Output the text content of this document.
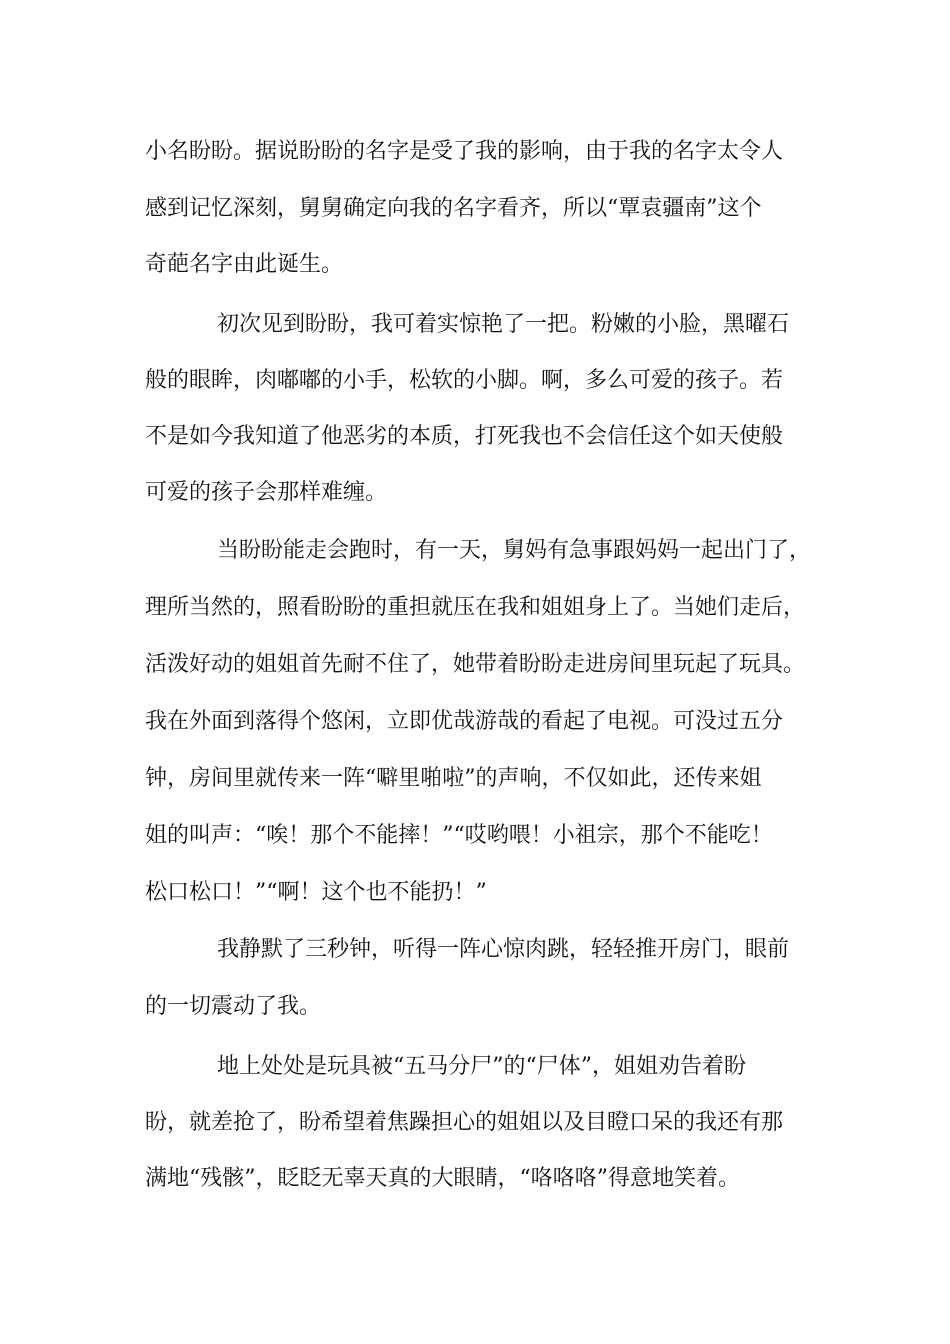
小名盼盼。据说盼盼的名字是受了我的影响，由于我的名字太令人
感到记忆深刻，舅舅确定向我的名字看齐，所以“覃袁疆南”这个
奇葩名字由此诞生。
初次见到盼盼，我可着实惊艳了一把。粉嫩的小脸，黑曜石
般的眼眸，肉嘟嘟的小手，松软的小脚。啊，多么可爱的孩子。若
不是如今我知道了他恶劣的本质，打死我也不会信任这个如天使般
可爱的孩子会那样难缠。
当盼盼能走会跑时，有一天，舅妈有急事跟妈妈一起出门了，
理所当然的，照看盼盼的重担就压在我和姐姐身上了。当她们走后，
活泼好动的姐姐首先耐不住了，她带着盼盼走进房间里玩起了玩具。
我在外面到落得个悠闲，立即优哉游哉的看起了电视。可没过五分
钟，房间里就传来一阵“噼里啪啦”的声响，不仅如此，还传来姐
姐的叫声：“唉！那个不能摔！”“哎哟喂！小祖宗，那个不能吃！
松口松口！”“啊！这个也不能扔！”
我静默了三秒钟，听得一阵心惊肉跳，轻轻推开房门，眼前
的一切震动了我。
地上处处是玩具被“五马分尸”的“尸体”，姐姐劝告着盼
盼，就差抢了，盼希望着焦躁担心的姐姐以及目瞪口呆的我还有那
满地“残骸”，眨眨无辜天真的大眼睛，“咯咯咯”得意地笑着。
